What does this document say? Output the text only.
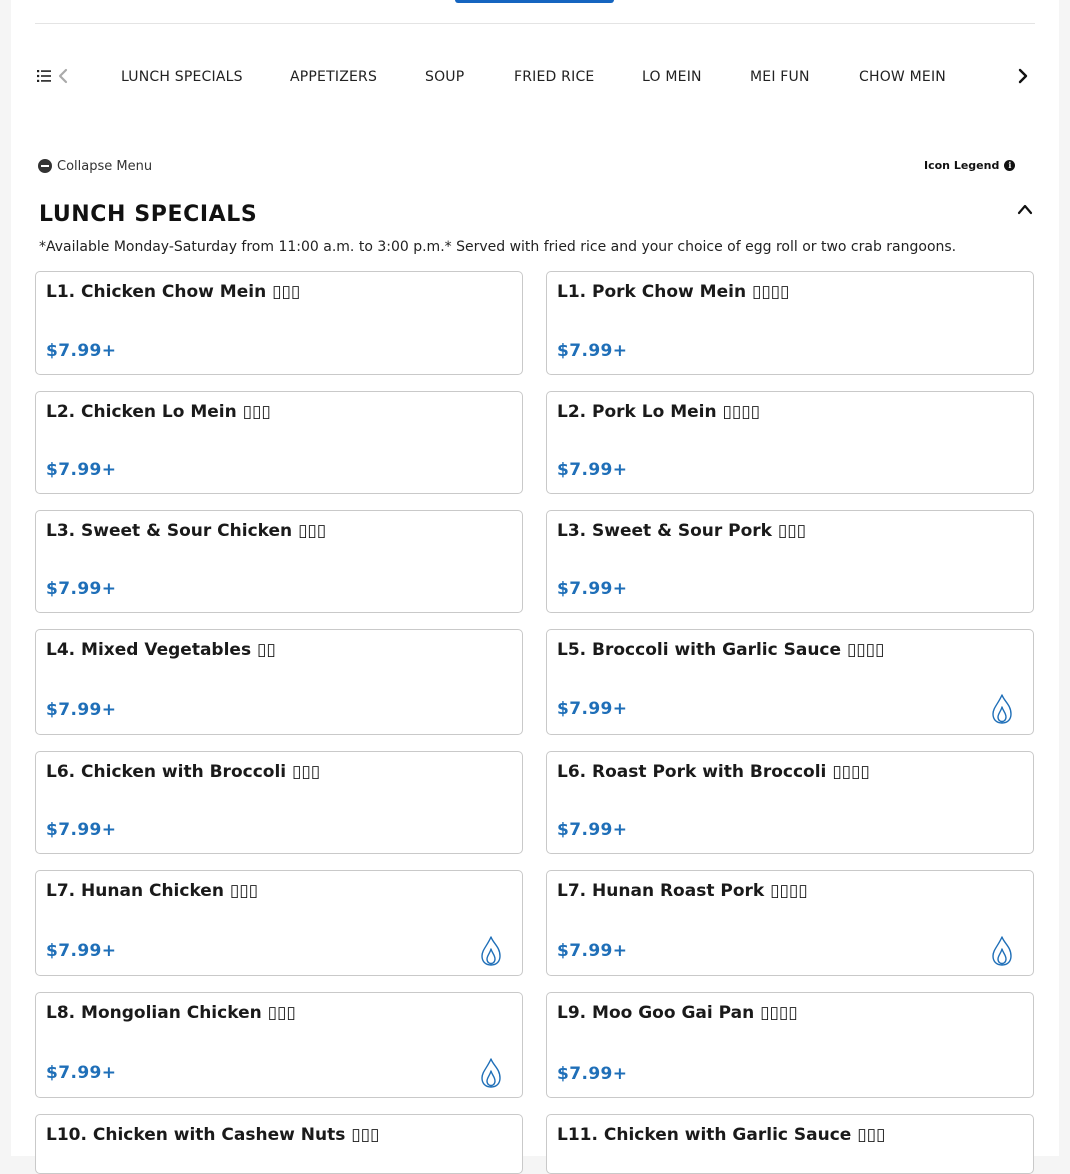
LUNCH SPECIALS	APPETIZERS	SOUP	FRIED RICE	LO MEIN	MEI FUN	CHOW MEIN
Collapse Menu	Icon Legend	i
LUNCH SPECIALS
*Available Monday-Saturday from 11:00 a.m. to 3:00 p.m.* Served with fried rice and your choice of egg roll or two crab rangoons.
L1. Chicken Chow Mein ▯▯▯
$7.99+
L1. Pork Chow Mein ▯▯▯▯
$7.99+
L2. Chicken Lo Mein ▯▯▯
$7.99+
L2. Pork Lo Mein ▯▯▯▯
$7.99+
L3. Sweet & Sour Chicken ▯▯▯
$7.99+
L3. Sweet & Sour Pork ▯▯▯
$7.99+
L4. Mixed Vegetables ▯▯
$7.99+
L5. Broccoli with Garlic Sauce ▯▯▯▯
$7.99+
L6. Chicken with Broccoli ▯▯▯
$7.99+
L6. Roast Pork with Broccoli ▯▯▯▯
$7.99+
L7. Hunan Chicken ▯▯▯
$7.99+
L7. Hunan Roast Pork ▯▯▯▯
$7.99+
L8. Mongolian Chicken ▯▯▯
$7.99+
L9. Moo Goo Gai Pan ▯▯▯▯
$7.99+
L10. Chicken with Cashew Nuts ▯▯▯	L11. Chicken with Garlic Sauce ▯▯▯
